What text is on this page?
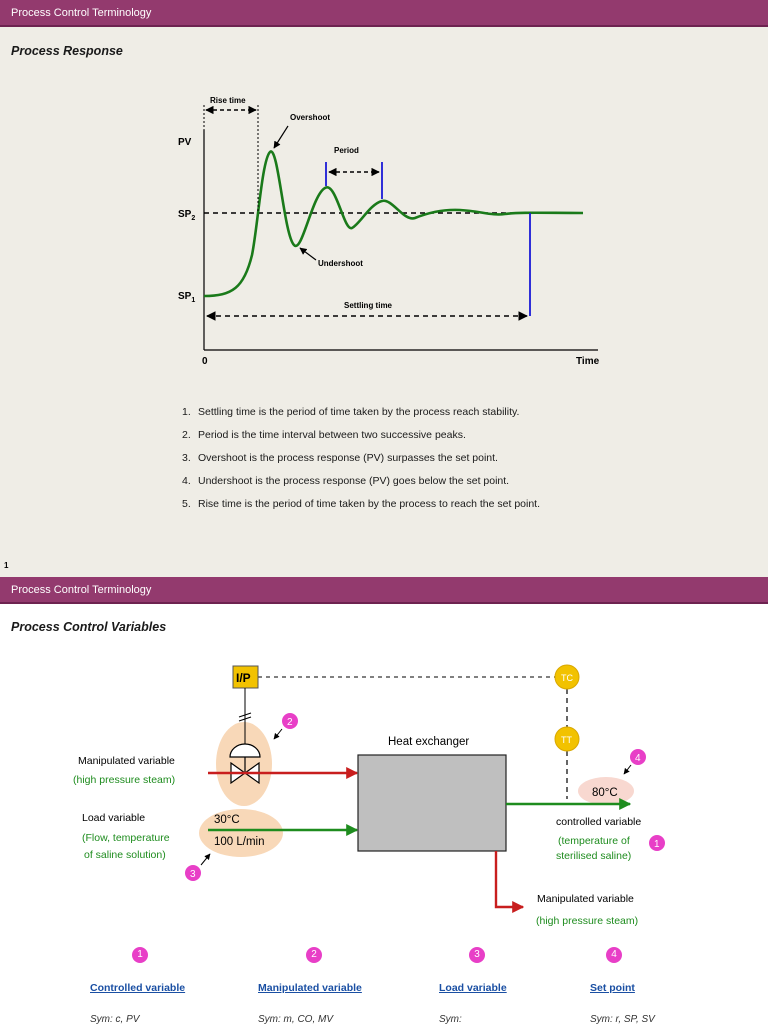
Process Control Terminology
Process Response
PV
$SP_2$
$SP_1$
0	Time
Rise time
Overshoot
Period
Undershoot
Settling time
1. Settling time is the period of time taken by the process reach stability.
2. Period is the time interval between two successive peaks.
3. Overshoot is the process response (PV) surpasses the set point.
4. Undershoot is the process response (PV) goes below the set point.
5. Rise time is the period of time taken by the process to reach the set point.
1
Process Control Terminology
Process Control Variables
I/P
Heat exchanger
TC
TT
30°C
100 L/min
80°C
Manipulated variable
(high pressure steam)
Load variable
(Flow, temperature
of saline solution)
controlled variable
(temperature of
sterilised saline)
Manipulated variable
(high pressure steam)
2
3
4
1
1
Controlled variable
Sym: c, PV
2
Manipulated variable
Sym: m, CO, MV
3
Load variable
Sym:
4
Set point
Sym: r, SP, SV
